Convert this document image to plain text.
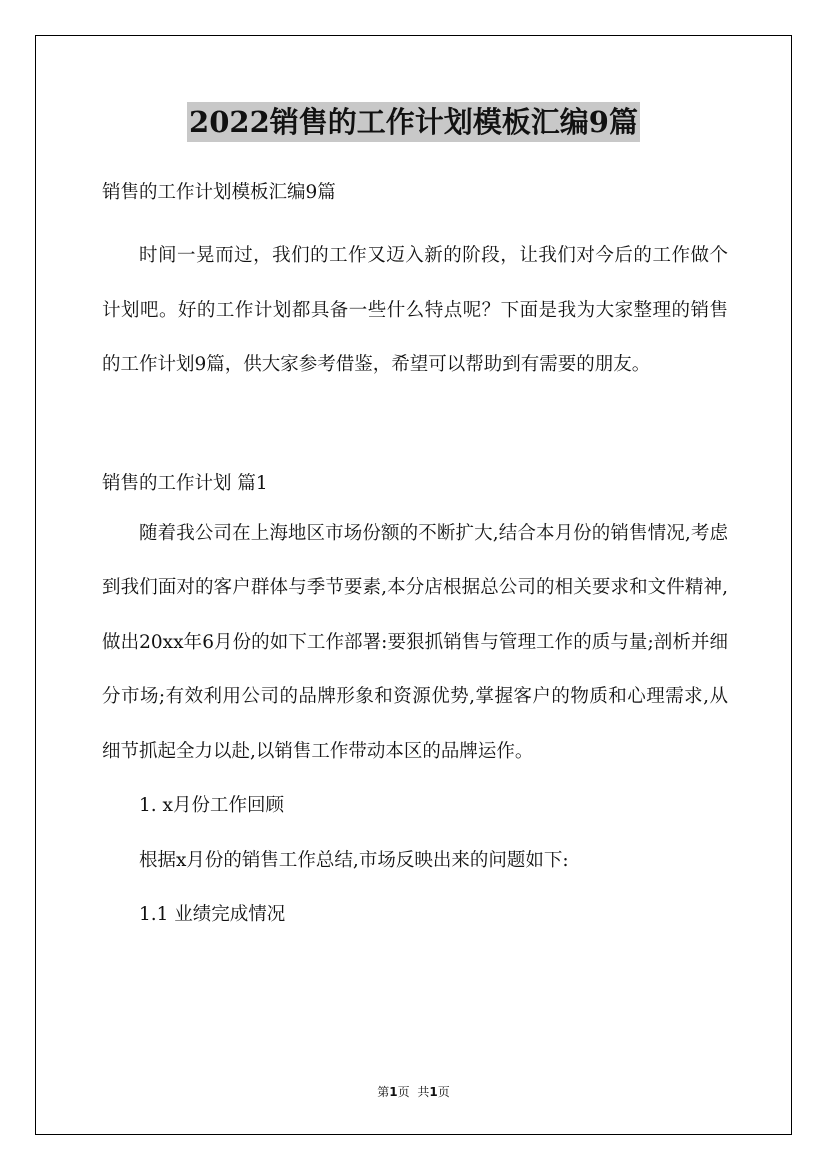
2022销售的工作计划模板汇编9篇
销售的工作计划模板汇编9篇

时间一晃而过，我们的工作又迈入新的阶段，让我们对今后的工作做个计划吧。好的工作计划都具备一些什么特点呢？下面是我为大家整理的销售的工作计划9篇，供大家参考借鉴，希望可以帮助到有需要的朋友。

销售的工作计划 篇1

随着我公司在上海地区市场份额的不断扩大,结合本月份的销售情况,考虑到我们面对的客户群体与季节要素,本分店根据总公司的相关要求和文件精神,做出20xx年6月份的如下工作部署:要狠抓销售与管理工作的质与量;剖析并细分市场;有效利用公司的品牌形象和资源优势,掌握客户的物质和心理需求,从细节抓起全力以赴,以销售工作带动本区的品牌运作。

1. x月份工作回顾
根据x月份的销售工作总结,市场反映出来的问题如下:
1.1 业绩完成情况
第1页 共1页
